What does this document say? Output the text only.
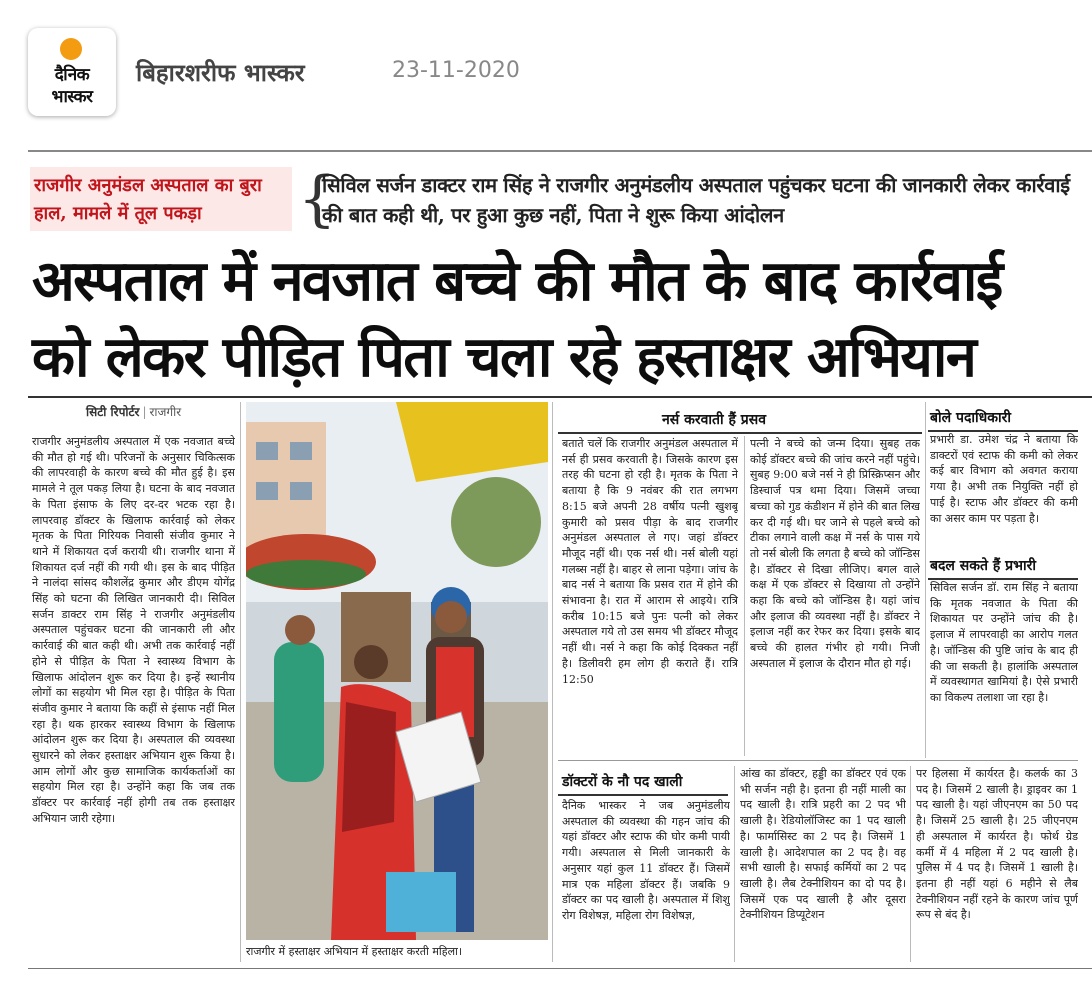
दैनिक
भास्कर
बिहारशरीफ भास्कर	23-11-2020
राजगीर अनुमंडल अस्पताल का बुरा हाल, मामले में तूल पकड़ा	{
सिविल सर्जन डाक्टर राम सिंह ने राजगीर अनुमंडलीय अस्पताल पहुंचकर घटना की जानकारी लेकर कार्रवाई की बात कही थी, पर हुआ कुछ नहीं, पिता ने शुरू किया आंदोलन
अस्पताल में नवजात बच्चे की मौत के बाद कार्रवाई
को लेकर पीड़ित पिता चला रहे हस्ताक्षर अभियान
सिटी रिपोर्टर | राजगीर
राजगीर अनुमंडलीय अस्पताल में एक नवजात बच्चे की मौत हो गई थी। परिजनों के अनुसार चिकित्सक की लापरवाही के कारण बच्चे की मौत हुई है। इस मामले ने तूल पकड़ लिया है। घटना के बाद नवजात के पिता इंसाफ के लिए दर-दर भटक रहा है। लापरवाह डॉक्टर के खिलाफ कार्रवाई को लेकर मृतक के पिता गिरियक निवासी संजीव कुमार ने थाने में शिकायत दर्ज करायी थी। राजगीर थाना में शिकायत दर्ज नहीं की गयी थी। इस के बाद पीड़ित ने नालंदा सांसद कौशलेंद्र कुमार और डीएम योगेंद्र सिंह को घटना की लिखित जानकारी दी। सिविल सर्जन डाक्टर राम सिंह ने राजगीर अनुमंडलीय अस्पताल पहुंचकर घटना की जानकारी ली और कार्रवाई की बात कही थी। अभी तक कार्रवाई नहीं होने से पीड़ित के पिता ने स्वास्थ्य विभाग के खिलाफ आंदोलन शुरू कर दिया है। इन्हें स्थानीय लोगों का सहयोग भी मिल रहा है। पीड़ित के पिता संजीव कुमार ने बताया कि कहीं से इंसाफ नहीं मिल रहा है। थक हारकर स्वास्थ्य विभाग के खिलाफ आंदोलन शुरू कर दिया है। अस्पताल की व्यवस्था सुधारने को लेकर हस्ताक्षर अभियान शुरू किया है। आम लोगों और कुछ सामाजिक कार्यकर्ताओं का सहयोग मिल रहा है। उन्होंने कहा कि जब तक डॉक्टर पर कार्रवाई नहीं होगी तब तक हस्ताक्षर अभियान जारी रहेगा।
राजगीर में हस्ताक्षर अभियान में हस्ताक्षर करती महिला।
नर्स करवाती हैं प्रसव
बताते चलें कि राजगीर अनुमंडल अस्पताल में नर्स ही प्रसव करवाती है। जिसके कारण इस तरह की घटना हो रही है। मृतक के पिता ने बताया है कि 9 नवंबर की रात लगभग 8:15 बजे अपनी 28 वर्षीय पत्नी खुशबू कुमारी को प्रसव पीड़ा के बाद राजगीर अनुमंडल अस्पताल ले गए। जहां डॉक्टर मौजूद नहीं थी। एक नर्स थी। नर्स बोली यहां गलब्स नहीं है। बाहर से लाना पड़ेगा। जांच के बाद नर्स ने बताया कि प्रसव रात में होने की संभावना है। रात में आराम से आइये। रात्रि करीब 10:15 बजे पुनः पत्नी को लेकर अस्पताल गये तो उस समय भी डॉक्टर मौजूद नहीं थी। नर्स ने कहा कि कोई दिक्कत नहीं है। डिलीवरी हम लोग ही कराते हैं। रात्रि 12:50
पत्नी ने बच्चे को जन्म दिया। सुबह तक कोई डॉक्टर बच्चे की जांच करने नहीं पहुंचे। सुबह 9:00 बजे नर्स ने ही प्रिस्क्रिप्सन और डिस्चार्ज पत्र थमा दिया। जिसमें जच्चा बच्चा को गुड कंडीशन में होने की बात लिख कर दी गई थी। घर जाने से पहले बच्चे को टीका लगाने वाली कक्ष में नर्स के पास गये तो नर्स बोली कि लगता है बच्चे को जॉन्डिस है। डॉक्टर से दिखा लीजिए। बगल वाले कक्ष में एक डॉक्टर से दिखाया तो उन्होंने कहा कि बच्चे को जॉन्डिस है। यहां जांच और इलाज की व्यवस्था नहीं है। डॉक्टर ने इलाज नहीं कर रेफर कर दिया। इसके बाद बच्चे की हालत गंभीर हो गयी। निजी अस्पताल में इलाज के दौरान मौत हो गई।
बोले पदाधिकारी
प्रभारी डा. उमेश चंद्र ने बताया कि डाक्टरों एवं स्टाफ की कमी को लेकर कई बार विभाग को अवगत कराया गया है। अभी तक नियुक्ति नहीं हो पाई है। स्टाफ और डॉक्टर की कमी का असर काम पर पड़ता है।
बदल सकते हैं प्रभारी
सिविल सर्जन डॉ. राम सिंह ने बताया कि मृतक नवजात के पिता की शिकायत पर उन्होंने जांच की है। इलाज में लापरवाही का आरोप गलत है। जॉन्डिस की पुष्टि जांच के बाद ही की जा सकती है। हालांकि अस्पताल में व्यवस्थागत खामियां है। ऐसे प्रभारी का विकल्प तलाशा जा रहा है।
डॉक्टरों के नौ पद खाली
दैनिक भास्कर ने जब अनुमंडलीय अस्पताल की व्यवस्था की गहन जांच की यहां डॉक्टर और स्टाफ की घोर कमी पायी गयी। अस्पताल से मिली जानकारी के अनुसार यहां कुल 11 डॉक्टर हैं। जिसमें मात्र एक महिला डॉक्टर हैं। जबकि 9 डॉक्टर का पद खाली है। अस्पताल में शिशु रोग विशेषज्ञ, महिला रोग विशेषज्ञ,
आंख का डॉक्टर, हड्डी का डॉक्टर एवं एक भी सर्जन नही है। इतना ही नहीं माली का पद खाली है। रात्रि प्रहरी का 2 पद भी खाली है। रेडियोलॉजिस्ट का 1 पद खाली है। फार्मासिस्ट का 2 पद है। जिसमें 1 खाली है। आदेशपाल का 2 पद है। वह सभी खाली है। सफाई कर्मियों का 2 पद खाली है। लैब टेक्नीशियन का दो पद है। जिसमें एक पद खाली है और दूसरा टेक्नीशियन डिप्यूटेशन
पर हिलसा में कार्यरत है। कलर्क का 3 पद है। जिसमें 2 खाली है। ड्राइवर का 1 पद खाली है। यहां जीएनएम का 50 पद है। जिसमें 25 खाली है। 25 जीएनएम ही अस्पताल में कार्यरत है। फोर्थ ग्रेड कर्मी में 4 महिला में 2 पद खाली है। पुलिस में 4 पद है। जिसमें 1 खाली है। इतना ही नहीं यहां 6 महीने से लैब टेक्नीशियन नहीं रहने के कारण जांच पूर्ण रूप से बंद है।
